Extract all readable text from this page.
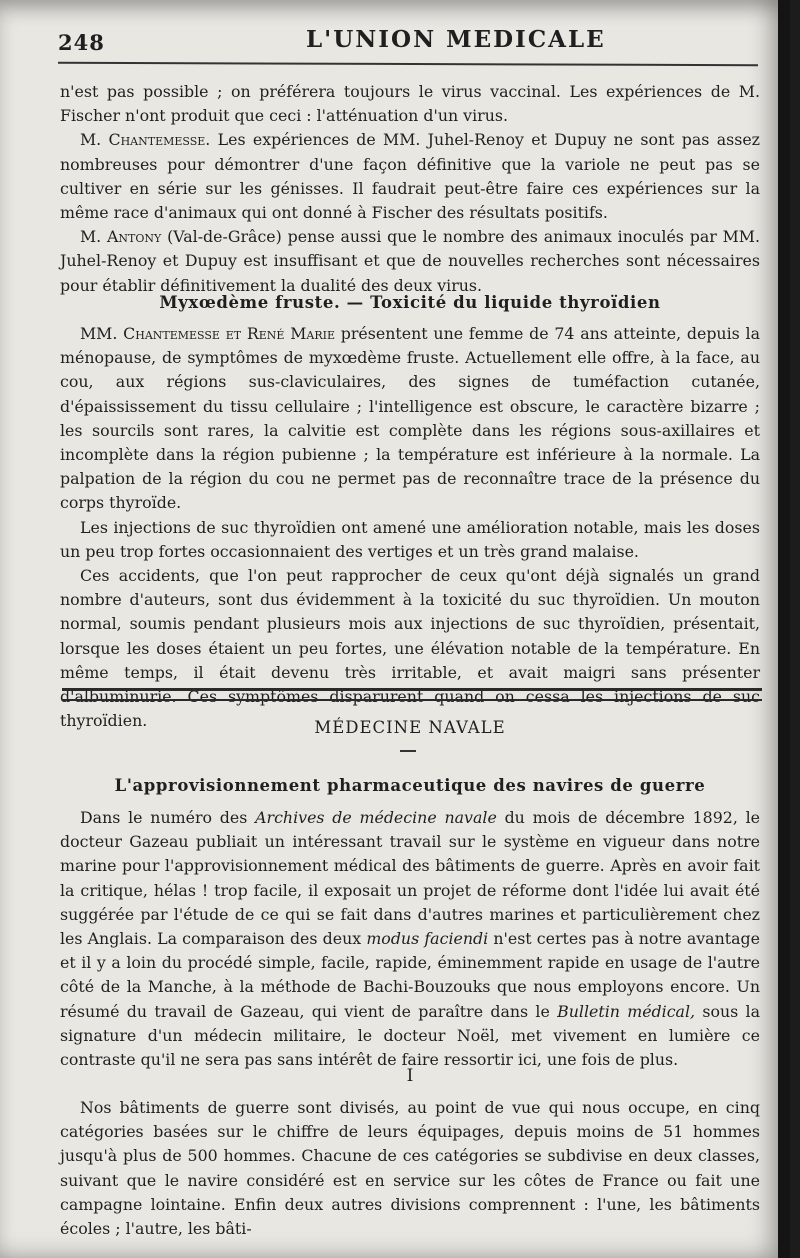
248	L'UNION MEDICALE

n'est pas possible ; on préférera toujours le virus vaccinal. Les expériences de M. Fischer n'ont produit que ceci : l'atténuation d'un virus.

M. Chantemesse. Les expériences de MM. Juhel-Renoy et Dupuy ne sont pas assez nombreuses pour démontrer d'une façon définitive que la variole ne peut pas se cultiver en série sur les génisses. Il faudrait peut-être faire ces expériences sur la même race d'animaux qui ont donné à Fischer des résultats positifs.

M. Antony (Val-de-Grâce) pense aussi que le nombre des animaux inoculés par MM. Juhel-Renoy et Dupuy est insuffisant et que de nouvelles recherches sont nécessaires pour établir définitivement la dualité des deux virus.

Myxœdème fruste. — Toxicité du liquide thyroïdien

MM. Chantemesse et René Marie présentent une femme de 74 ans atteinte, depuis la ménopause, de symptômes de myxœdème fruste. Actuellement elle offre, à la face, au cou, aux régions sus-claviculaires, des signes de tuméfaction cutanée, d'épaississement du tissu cellulaire ; l'intelligence est obscure, le caractère bizarre ; les sourcils sont rares, la calvitie est complète dans les régions sous-axillaires et incomplète dans la région pubienne ; la température est inférieure à la normale. La palpation de la région du cou ne permet pas de reconnaître trace de la présence du corps thyroïde.

Les injections de suc thyroïdien ont amené une amélioration notable, mais les doses un peu trop fortes occasionnaient des vertiges et un très grand malaise.

Ces accidents, que l'on peut rapprocher de ceux qu'ont déjà signalés un grand nombre d'auteurs, sont dus évidemment à la toxicité du suc thyroïdien. Un mouton normal, soumis pendant plusieurs mois aux injections de suc thyroïdien, présentait, lorsque les doses étaient un peu fortes, une élévation notable de la température. En même temps, il était devenu très irritable, et avait maigri sans présenter d'albuminurie. Ces symptômes disparurent quand on cessa les injections de suc thyroïdien.	MÉDECINE NAVALE
L'approvisionnement pharmaceutique des navires de guerre

Dans le numéro des Archives de médecine navale du mois de décembre 1892, le docteur Gazeau publiait un intéressant travail sur le système en vigueur dans notre marine pour l'approvisionnement médical des bâtiments de guerre. Après en avoir fait la critique, hélas ! trop facile, il exposait un projet de réforme dont l'idée lui avait été suggérée par l'étude de ce qui se fait dans d'autres marines et particulièrement chez les Anglais. La comparaison des deux modus faciendi n'est certes pas à notre avantage et il y a loin du procédé simple, facile, rapide, éminemment rapide en usage de l'autre côté de la Manche, à la méthode de Bachi-Bouzouks que nous employons encore. Un résumé du travail de Gazeau, qui vient de paraître dans le Bulletin médical, sous la signature d'un médecin militaire, le docteur Noël, met vivement en lumière ce contraste qu'il ne sera pas sans intérêt de faire ressortir ici, une fois de plus.

I

Nos bâtiments de guerre sont divisés, au point de vue qui nous occupe, en cinq catégories basées sur le chiffre de leurs équipages, depuis moins de 51 hommes jusqu'à plus de 500 hommes. Chacune de ces catégories se subdivise en deux classes, suivant que le navire considéré est en service sur les côtes de France ou fait une campagne lointaine. Enfin deux autres divisions comprennent : l'une, les bâtiments écoles ; l'autre, les bâti-
